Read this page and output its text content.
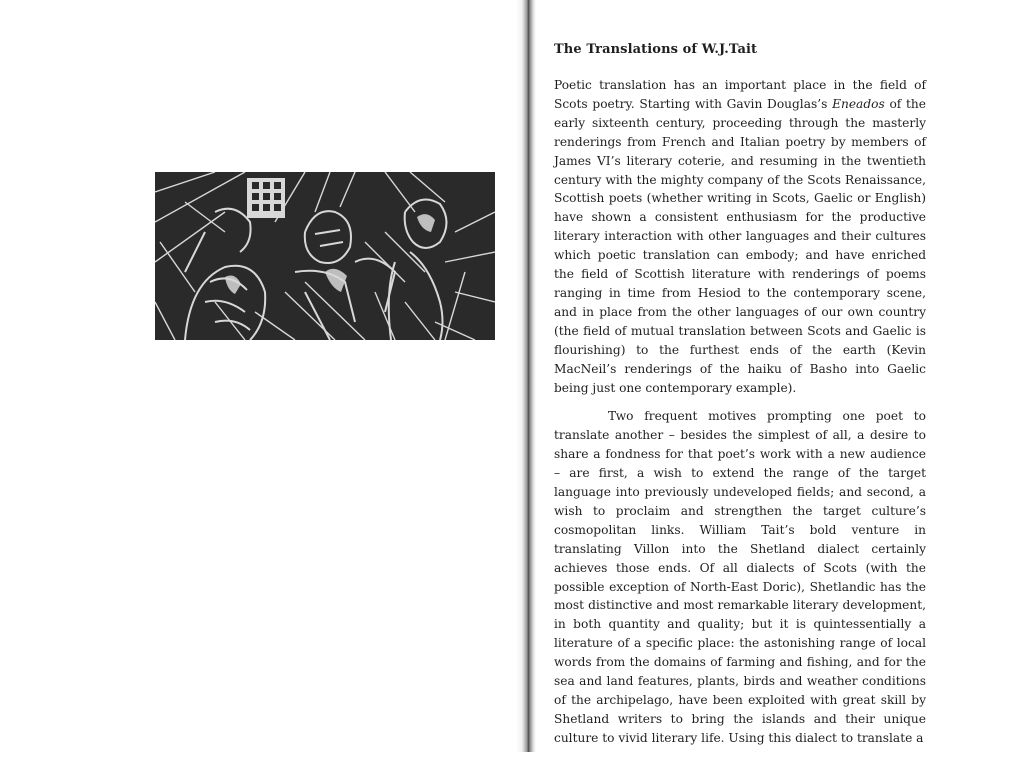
The Translations of W.J.Tait

Poetic translation has an important place in the field of Scots poetry. Starting with Gavin Douglas’s Eneados of the early sixteenth century, proceeding through the masterly renderings from French and Italian poetry by members of James VI’s literary coterie, and resuming in the twentieth century with the mighty company of the Scots Renaissance, Scottish poets (whether writing in Scots, Gaelic or English) have shown a consistent enthusiasm for the productive literary interaction with other languages and their cultures which poetic translation can embody; and have enriched the field of Scottish literature with renderings of poems ranging in time from Hesiod to the contemporary scene, and in place from the other languages of our own country (the field of mutual translation between Scots and Gaelic is flourishing) to the furthest ends of the earth (Kevin MacNeil’s renderings of the haiku of Basho into Gaelic being just one contemporary example).

Two frequent motives prompting one poet to translate another – besides the simplest of all, a desire to share a fondness for that poet’s work with a new audience – are first, a wish to extend the range of the target language into previously undeveloped fields; and second, a wish to proclaim and strengthen the target culture’s cosmopolitan links. William Tait’s bold venture in translating Villon into the Shetland dialect certainly achieves those ends. Of all dialects of Scots (with the possible exception of North-East Doric), Shetlandic has the most distinctive and most remarkable literary development, in both quantity and quality; but it is quintessentially a literature of a specific place: the astonishing range of local words from the domains of farming and fishing, and for the sea and land features, plants, birds and weather conditions of the archipelago, have been exploited with great skill by Shetland writers to bring the islands and their unique culture to vivid literary life. Using this dialect to translate a
